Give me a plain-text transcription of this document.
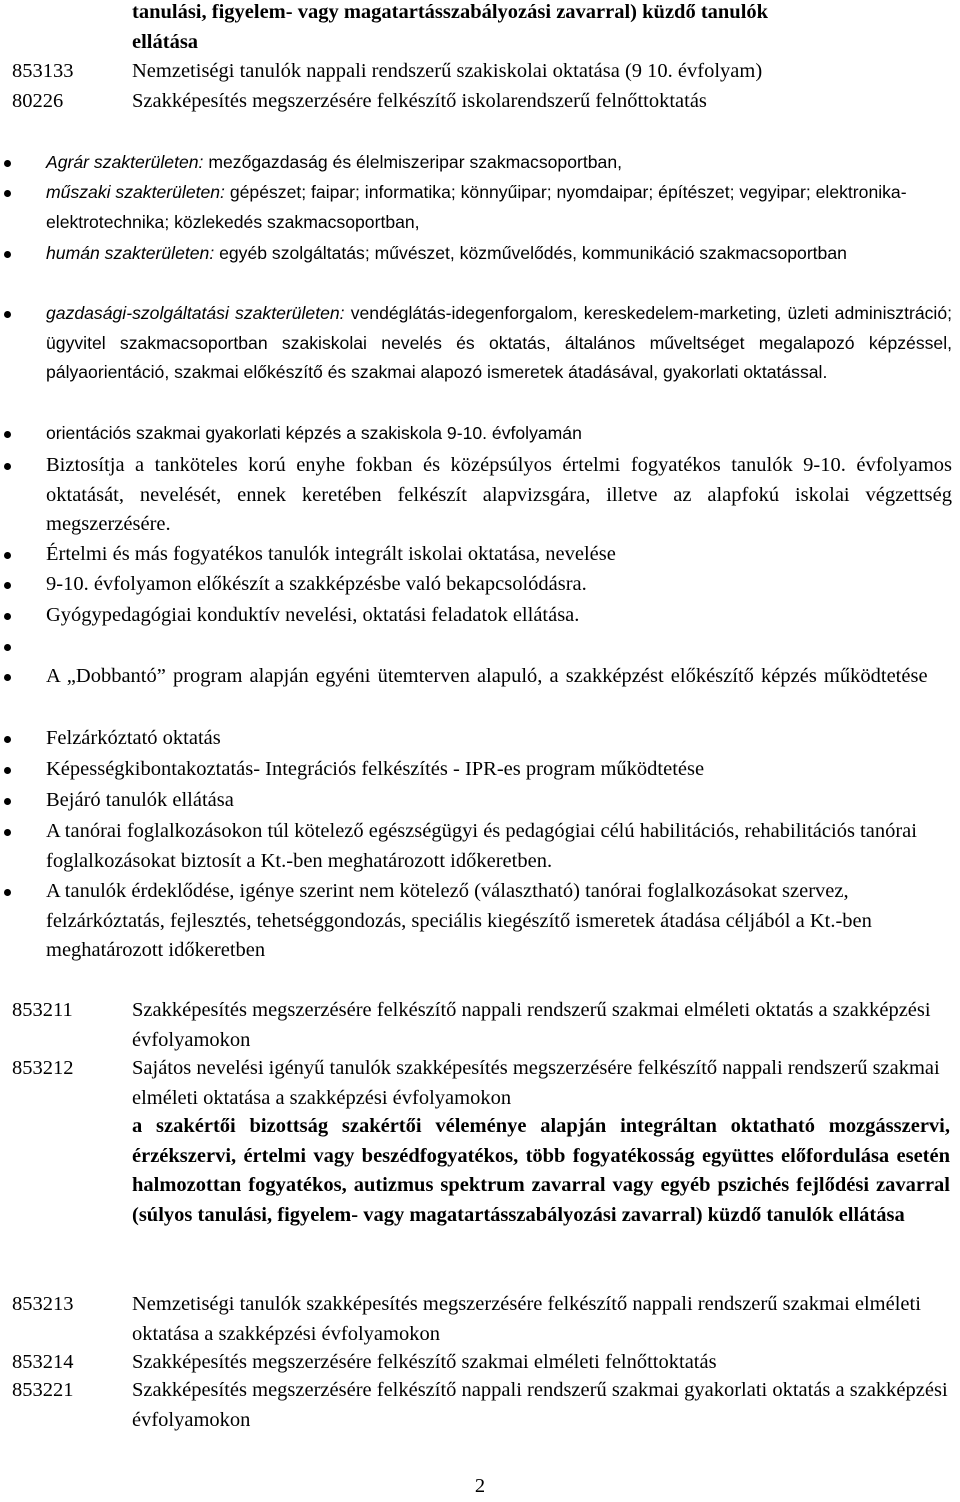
tanulási, figyelem- vagy magatartásszabályozási zavarral) küzdő tanulók
ellátása
853133	Nemzetiségi tanulók nappali rendszerű szakiskolai oktatása (9 10. évfolyam)
80226	Szakképesítés megszerzésére felkészítő iskolarendszerű felnőttoktatás
Agrár szakterületen: mezőgazdaság és élelmiszeripar szakmacsoportban,
műszaki szakterületen: gépészet; faipar; informatika; könnyűipar; nyomdaipar; építészet; vegyipar; elektronika-elektrotechnika; közlekedés szakmacsoportban,
humán szakterületen: egyéb szolgáltatás; művészet, közművelődés, kommunikáció szakmacsoportban
gazdasági-szolgáltatási szakterületen: vendéglátás-idegenforgalom, kereskedelem-marketing, üzleti adminisztráció; ügyvitel szakmacsoportban szakiskolai nevelés és oktatás, általános műveltséget megalapozó képzéssel, pályaorientáció, szakmai előkészítő és szakmai alapozó ismeretek átadásával, gyakorlati oktatással.
orientációs szakmai gyakorlati képzés a szakiskola 9-10. évfolyamán
Biztosítja a tanköteles korú enyhe fokban és középsúlyos értelmi fogyatékos tanulók 9-10. évfolyamos oktatását, nevelését, ennek keretében felkészít alapvizsgára, illetve az alapfokú iskolai végzettség megszerzésére.
Értelmi és más fogyatékos tanulók integrált iskolai oktatása, nevelése
9-10. évfolyamon előkészít a szakképzésbe való bekapcsolódásra.
Gyógypedagógiai konduktív nevelési, oktatási feladatok ellátása.
A „Dobbantó” program alapján egyéni ütemterven alapuló, a szakképzést előkészítő képzés működtetése
Felzárkóztató oktatás
Képességkibontakoztatás- Integrációs felkészítés - IPR-es program működtetése
Bejáró tanulók ellátása
A tanórai foglalkozásokon túl kötelező egészségügyi és pedagógiai célú habilitációs, rehabilitációs tanórai foglalkozásokat biztosít a Kt.-ben meghatározott időkeretben.
A tanulók érdeklődése, igénye szerint nem kötelező (választható) tanórai foglalkozásokat szervez, felzárkóztatás, fejlesztés, tehetséggondozás, speciális kiegészítő ismeretek átadása céljából a Kt.-ben meghatározott időkeretben
853211	Szakképesítés megszerzésére felkészítő nappali rendszerű szakmai elméleti oktatás a szakképzési évfolyamokon
853212	Sajátos nevelési igényű tanulók szakképesítés megszerzésére felkészítő nappali rendszerű szakmai elméleti oktatása a szakképzési évfolyamokon
a szakértői bizottság szakértői véleménye alapján integráltan oktatható mozgásszervi, érzékszervi, értelmi vagy beszédfogyatékos, több fogyatékosság együttes előfordulása esetén halmozottan fogyatékos, autizmus spektrum zavarral vagy egyéb pszichés fejlődési zavarral (súlyos tanulási, figyelem- vagy magatartásszabályozási zavarral) küzdő tanulók ellátása
853213	Nemzetiségi tanulók szakképesítés megszerzésére felkészítő nappali rendszerű szakmai elméleti oktatása a szakképzési évfolyamokon
853214	Szakképesítés megszerzésére felkészítő szakmai elméleti felnőttoktatás
853221	Szakképesítés megszerzésére felkészítő nappali rendszerű szakmai gyakorlati oktatás a szakképzési évfolyamokon
2
